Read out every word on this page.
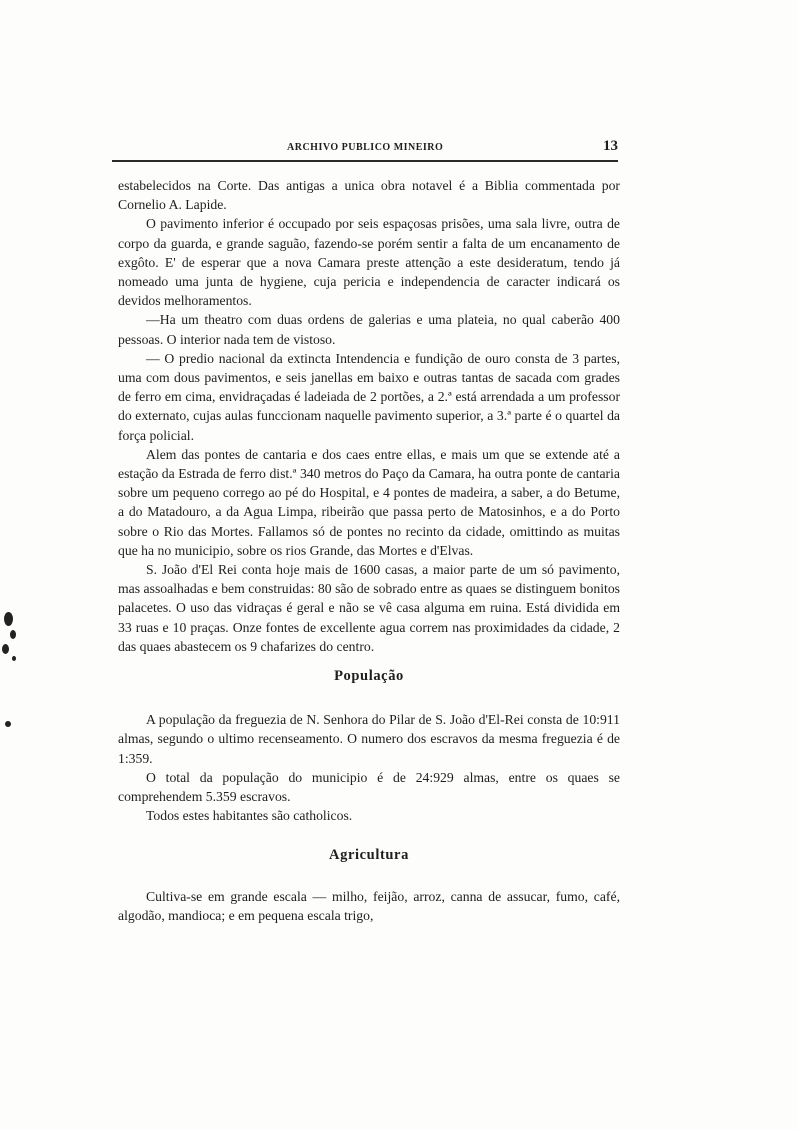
ARCHIVO PUBLICO MINEIRO	13

estabelecidos na Corte. Das antigas a unica obra notavel é a Biblia commentada por Cornelio A. Lapide.

O pavimento inferior é occupado por seis espaçosas prisões, uma sala livre, outra de corpo da guarda, e grande saguão, fazendo-se porém sentir a falta de um encanamento de exgôto. E' de esperar que a nova Camara preste attenção a este desideratum, tendo já nomeado uma junta de hygiene, cuja pericia e independencia de caracter indicará os devidos melhoramentos.

—Ha um theatro com duas ordens de galerias e uma plateia, no qual caberão 400 pessoas. O interior nada tem de vistoso.

— O predio nacional da extincta Intendencia e fundição de ouro consta de 3 partes, uma com dous pavimentos, e seis janellas em baixo e outras tantas de sacada com grades de ferro em cima, envidraçadas é ladeiada de 2 portões, a 2.ª está arrendada a um professor do externato, cujas aulas funccionam naquelle pavimento superior, a 3.ª parte é o quartel da força policial.

Alem das pontes de cantaria e dos caes entre ellas, e mais um que se extende até a estação da Estrada de ferro dist.ª 340 metros do Paço da Camara, ha outra ponte de cantaria sobre um pequeno corrego ao pé do Hospital, e 4 pontes de madeira, a saber, a do Betume, a do Matadouro, a da Agua Limpa, ribeirão que passa perto de Matosinhos, e a do Porto sobre o Rio das Mortes. Fallamos só de pontes no recinto da cidade, omittindo as muitas que ha no municipio, sobre os rios Grande, das Mortes e d'Elvas.

S. João d'El Rei conta hoje mais de 1600 casas, a maior parte de um só pavimento, mas assoalhadas e bem construidas: 80 são de sobrado entre as quaes se distinguem bonitos palacetes. O uso das vidraças é geral e não se vê casa alguma em ruina. Está dividida em 33 ruas e 10 praças. Onze fontes de excellente agua correm nas proximidades da cidade, 2 das quaes abastecem os 9 chafarizes do centro.

População

A população da freguezia de N. Senhora do Pilar de S. João d'El-Rei consta de 10:911 almas, segundo o ultimo recenseamento. O numero dos escravos da mesma freguezia é de 1:359.

O total da população do municipio é de 24:929 almas, entre os quaes se comprehendem 5.359 escravos.

Todos estes habitantes são catholicos.

Agricultura

Cultiva-se em grande escala — milho, feijão, arroz, canna de assucar, fumo, café, algodão, mandioca; e em pequena escala trigo,
